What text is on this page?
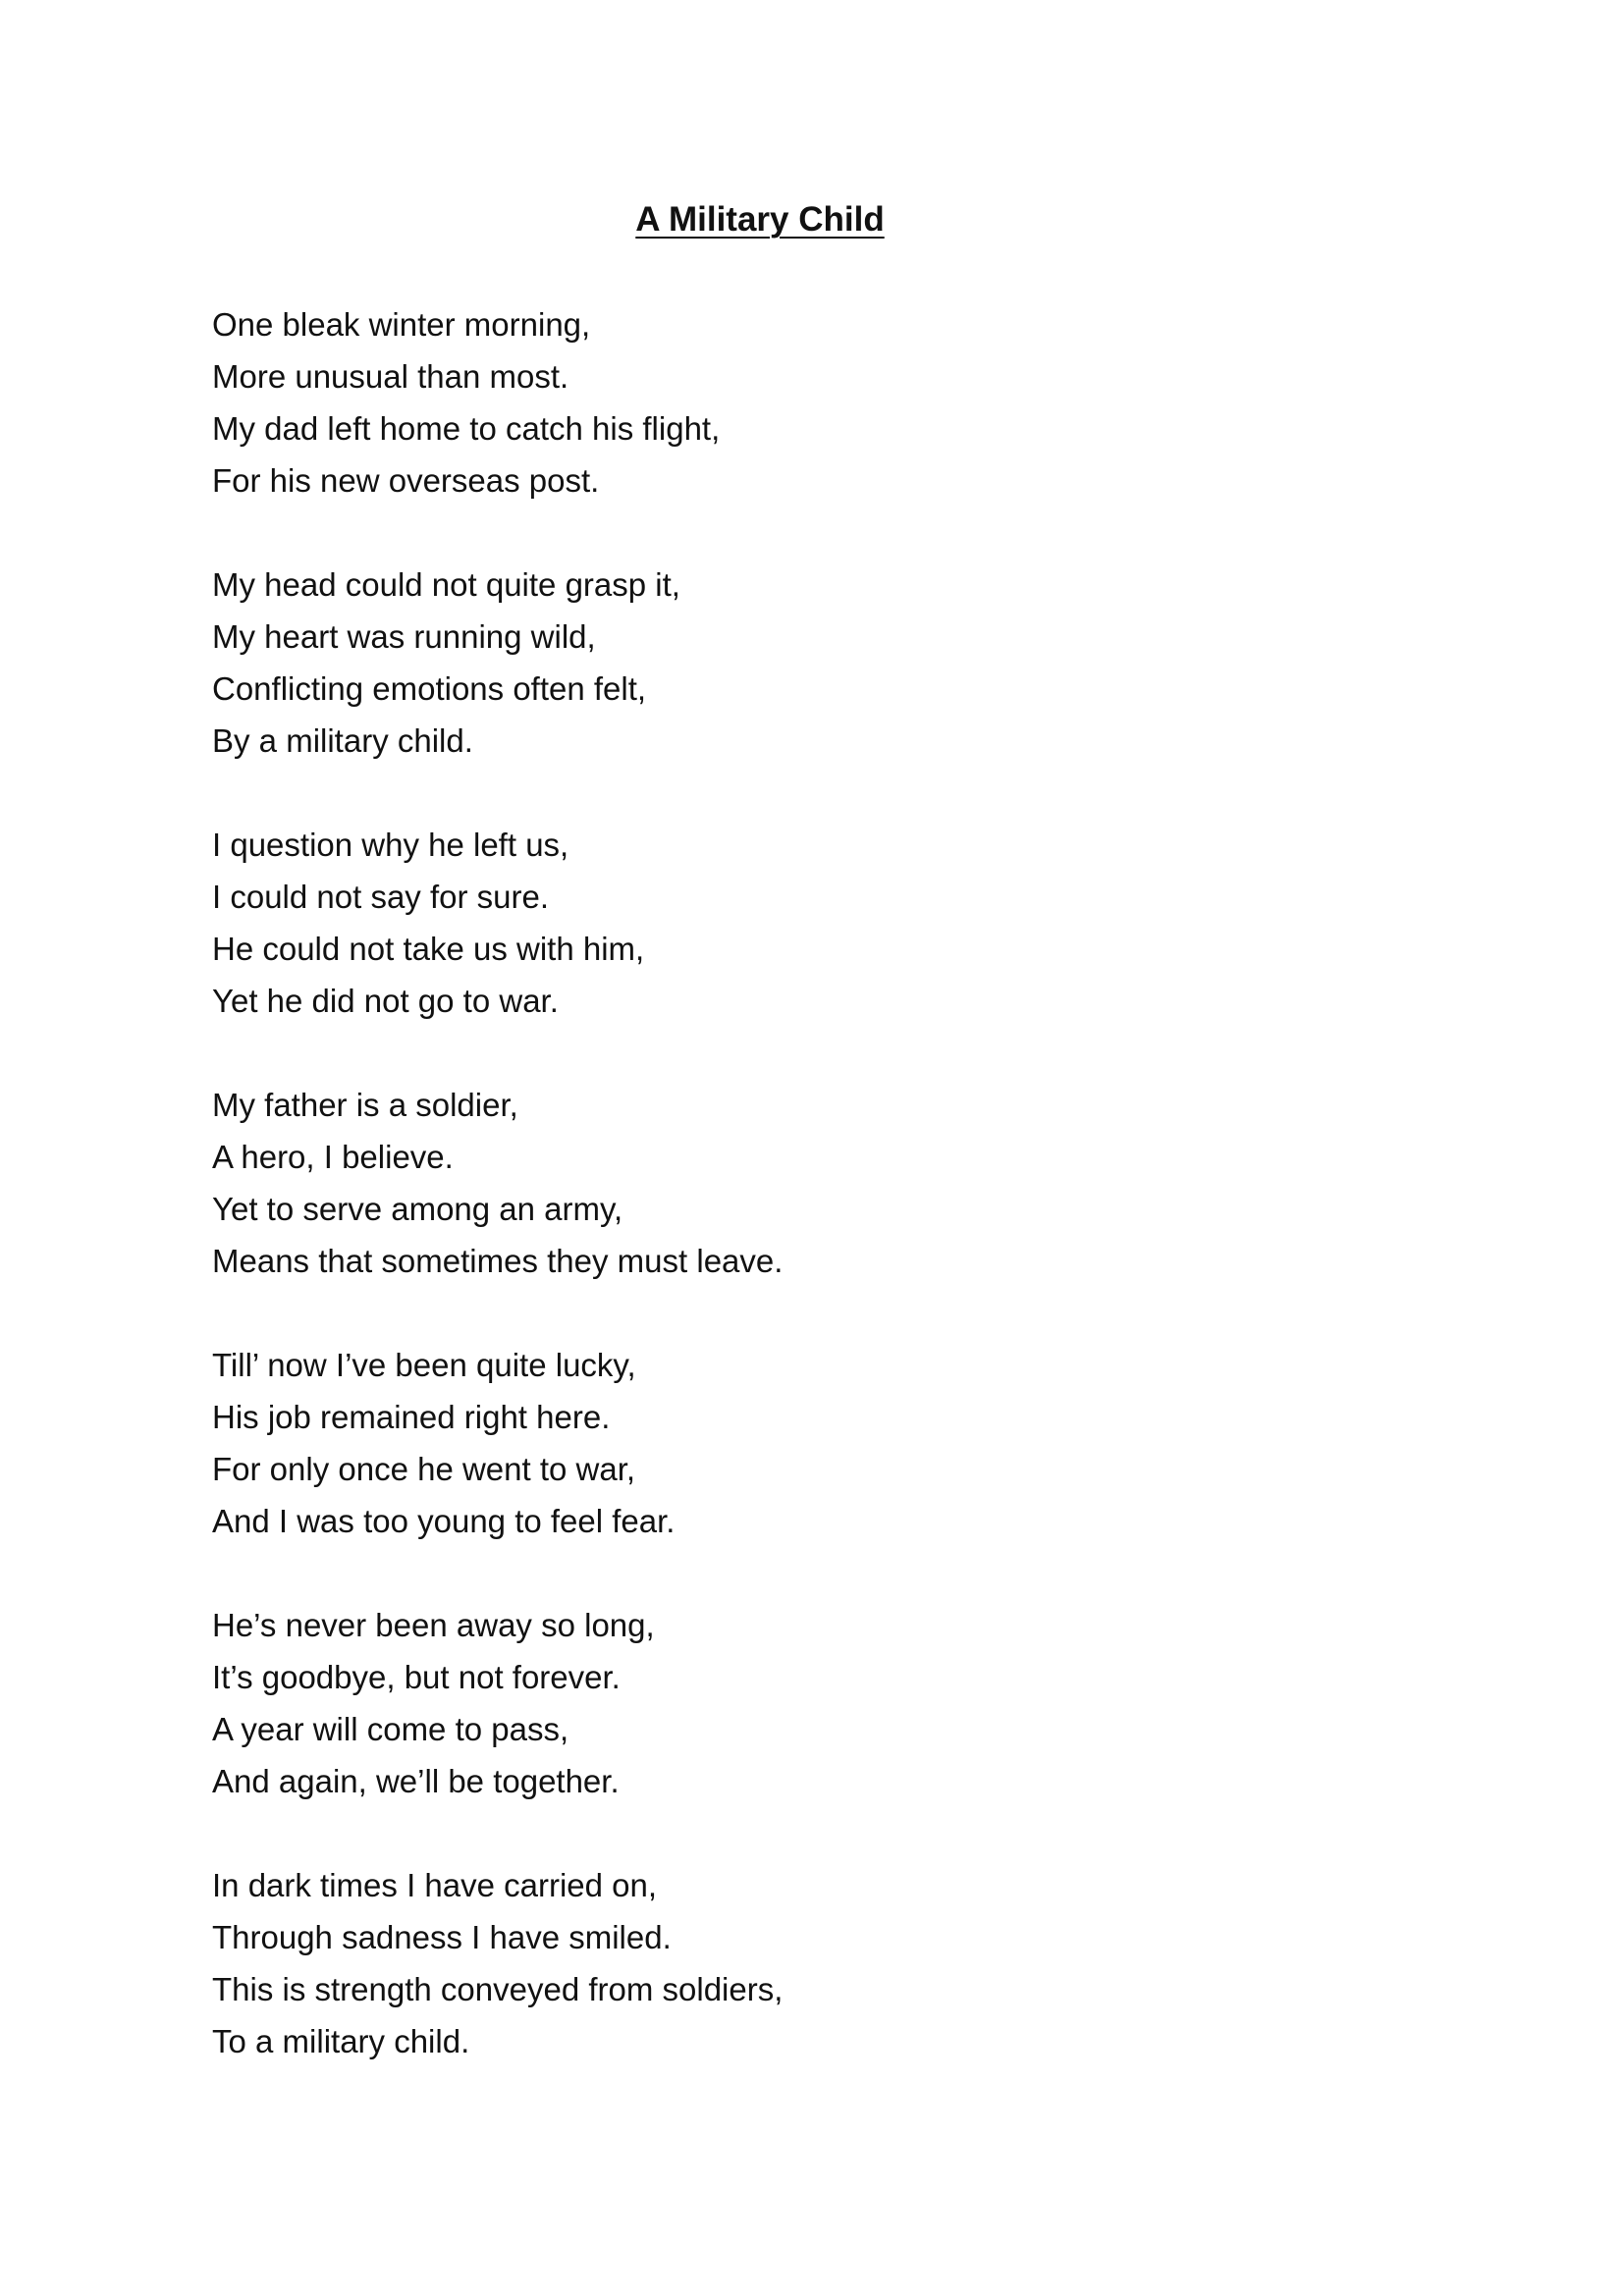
A Military Child
One bleak winter morning,
More unusual than most.
My dad left home to catch his flight,
For his new overseas post.
My head could not quite grasp it,
My heart was running wild,
Conflicting emotions often felt,
By a military child.
I question why he left us,
I could not say for sure.
He could not take us with him,
Yet he did not go to war.
My father is a soldier,
A hero, I believe.
Yet to serve among an army,
Means that sometimes they must leave.
Till’ now I’ve been quite lucky,
His job remained right here.
For only once he went to war,
And I was too young to feel fear.
He’s never been away so long,
It’s goodbye, but not forever.
A year will come to pass,
And again, we’ll be together.
In dark times I have carried on,
Through sadness I have smiled.
This is strength conveyed from soldiers,
To a military child.
